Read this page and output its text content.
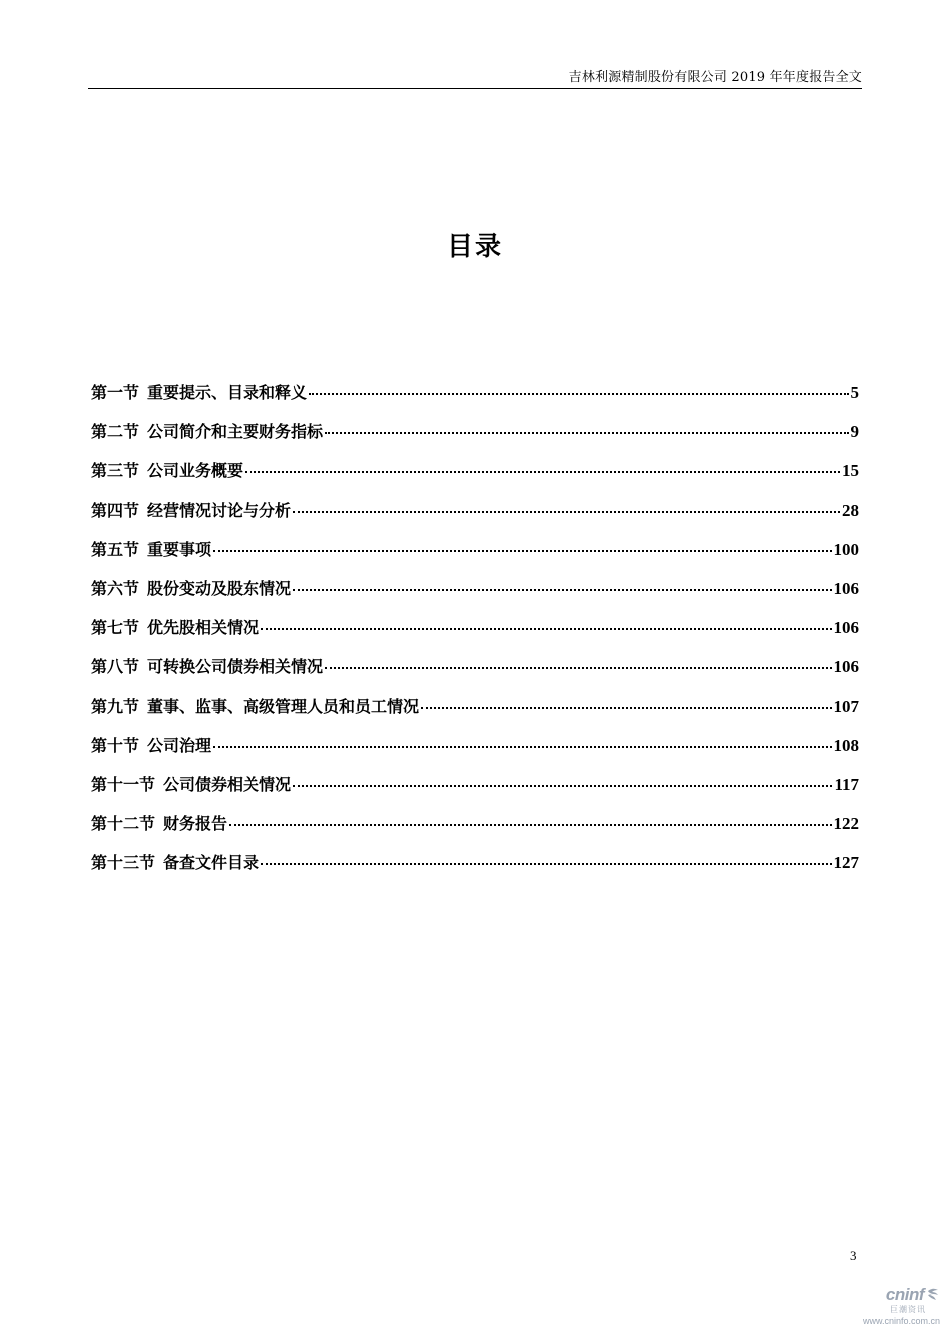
吉林利源精制股份有限公司 2019 年年度报告全文
目录
第一节 重要提示、目录和释义	5
第二节 公司简介和主要财务指标	9
第三节 公司业务概要	15
第四节 经营情况讨论与分析	28
第五节 重要事项	100
第六节 股份变动及股东情况	106
第七节 优先股相关情况	106
第八节 可转换公司债券相关情况	106
第九节 董事、监事、高级管理人员和员工情况	107
第十节 公司治理	108
第十一节 公司债券相关情况	117
第十二节 财务报告	122
第十三节 备查文件目录	127
3
cninf
巨潮资讯
www.cninfo.com.cn
